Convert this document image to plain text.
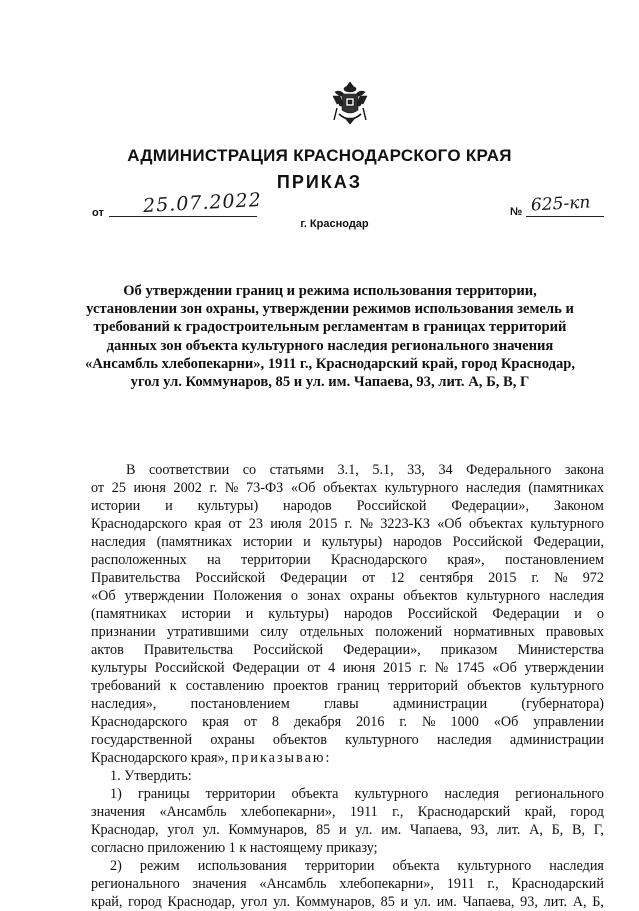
АДМИНИСТРАЦИЯ КРАСНОДАРСКОГО КРАЯ
ПРИКАЗ
от 25.07.2022
г. Краснодар
№ 625-кп
Об утверждении границ и режима использования территории,
установлении зон охраны, утверждении режимов использования земель и
требований к градостроительным регламентам в границах территорий
данных зон объекта культурного наследия регионального значения
«Ансамбль хлебопекарни», 1911 г., Краснодарский край, город Краснодар,
угол ул. Коммунаров, 85 и ул. им. Чапаева, 93, лит. А, Б, В, Г
В соответствии со статьями 3.1, 5.1, 33, 34 Федерального закона
от 25 июня 2002 г. № 73-ФЗ «Об объектах культурного наследия (памятниках
истории и культуры) народов Российской Федерации», Законом
Краснодарского края от 23 июля 2015 г. № 3223-КЗ «Об объектах культурного
наследия (памятниках истории и культуры) народов Российской Федерации,
расположенных на территории Краснодарского края», постановлением
Правительства Российской Федерации от 12 сентября 2015 г. № 972
«Об утверждении Положения о зонах охраны объектов культурного наследия
(памятниках истории и культуры) народов Российской Федерации и о
признании утратившими силу отдельных положений нормативных правовых
актов Правительства Российской Федерации», приказом Министерства
культуры Российской Федерации от 4 июня 2015 г. № 1745 «Об утверждении
требований к составлению проектов границ территорий объектов культурного
наследия», постановлением главы администрации (губернатора)
Краснодарского края от 8 декабря 2016 г. № 1000 «Об управлении
государственной охраны объектов культурного наследия администрации
Краснодарского края»,
приказываю:
1. Утвердить:
1) границы территории объекта культурного наследия регионального
значения «Ансамбль хлебопекарни», 1911 г., Краснодарский край, город
Краснодар, угол ул. Коммунаров, 85 и ул. им. Чапаева, 93, лит. А, Б, В, Г,
согласно приложению 1 к настоящему приказу;
2) режим использования территории объекта культурного наследия
регионального значения «Ансамбль хлебопекарни», 1911 г., Краснодарский
край, город Краснодар, угол ул. Коммунаров, 85 и ул. им. Чапаева, 93, лит. А, Б,
